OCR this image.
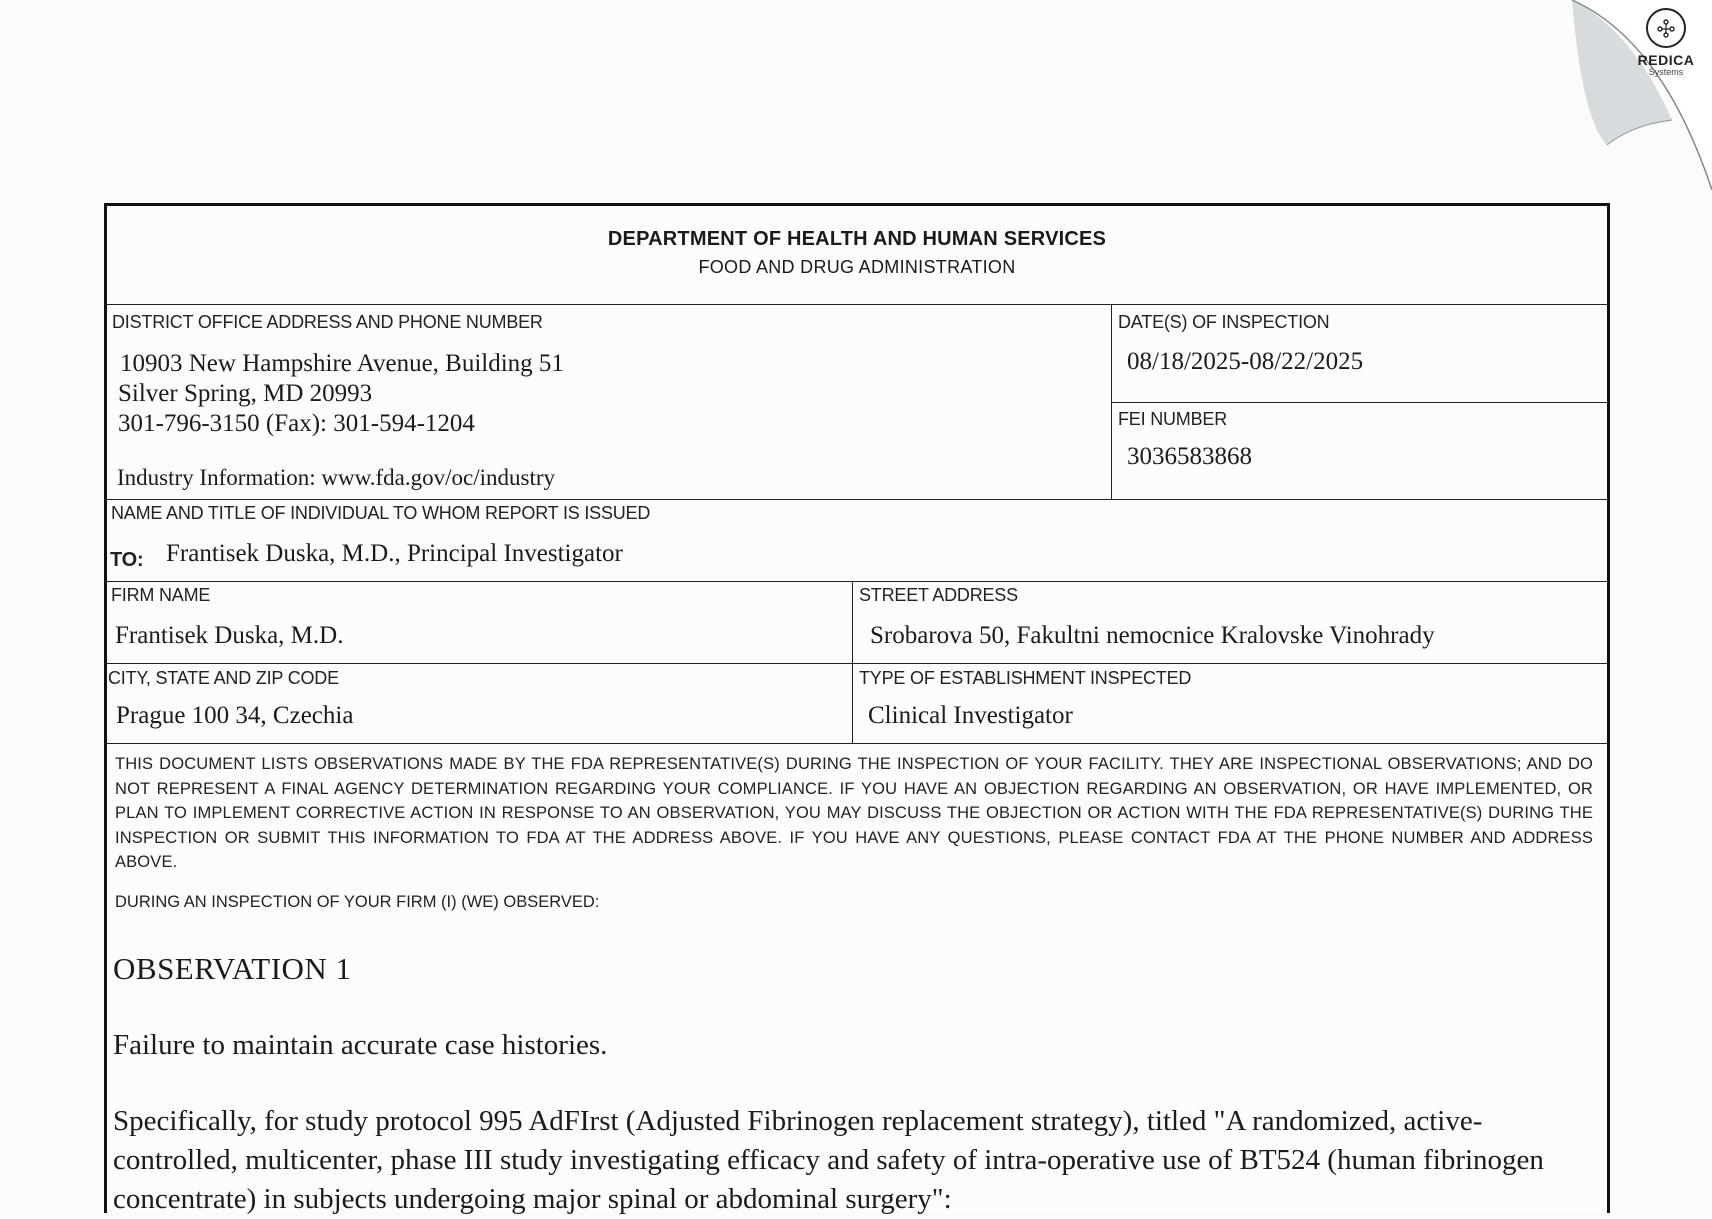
REDICA
Systems
DEPARTMENT OF HEALTH AND HUMAN SERVICES
FOOD AND DRUG ADMINISTRATION
DISTRICT OFFICE ADDRESS AND PHONE NUMBER
10903 New Hampshire Avenue, Building 51
Silver Spring, MD 20993
301-796-3150 (Fax): 301-594-1204
Industry Information: www.fda.gov/oc/industry
DATE(S) OF INSPECTION
08/18/2025-08/22/2025
FEI NUMBER
3036583868
NAME AND TITLE OF INDIVIDUAL TO WHOM REPORT IS ISSUED
TO: Frantisek Duska, M.D., Principal Investigator
FIRM NAME
Frantisek Duska, M.D.
STREET ADDRESS
Srobarova 50, Fakultni nemocnice Kralovske Vinohrady
CITY, STATE AND ZIP CODE
Prague 100 34, Czechia
TYPE OF ESTABLISHMENT INSPECTED
Clinical Investigator
THIS DOCUMENT LISTS OBSERVATIONS MADE BY THE FDA REPRESENTATIVE(S) DURING THE INSPECTION OF YOUR FACILITY. THEY ARE INSPECTIONAL OBSERVATIONS; AND DO NOT REPRESENT A FINAL AGENCY DETERMINATION REGARDING YOUR COMPLIANCE. IF YOU HAVE AN OBJECTION REGARDING AN OBSERVATION, OR HAVE IMPLEMENTED, OR PLAN TO IMPLEMENT CORRECTIVE ACTION IN RESPONSE TO AN OBSERVATION, YOU MAY DISCUSS THE OBJECTION OR ACTION WITH THE FDA REPRESENTATIVE(S) DURING THE INSPECTION OR SUBMIT THIS INFORMATION TO FDA AT THE ADDRESS ABOVE. IF YOU HAVE ANY QUESTIONS, PLEASE CONTACT FDA AT THE PHONE NUMBER AND ADDRESS ABOVE.
DURING AN INSPECTION OF YOUR FIRM (I) (WE) OBSERVED:
OBSERVATION 1
Failure to maintain accurate case histories.
Specifically, for study protocol 995 AdFIrst (Adjusted Fibrinogen replacement strategy), titled "A randomized, active-controlled, multicenter, phase III study investigating efficacy and safety of intra-operative use of BT524 (human fibrinogen concentrate) in subjects undergoing major spinal or abdominal surgery":
